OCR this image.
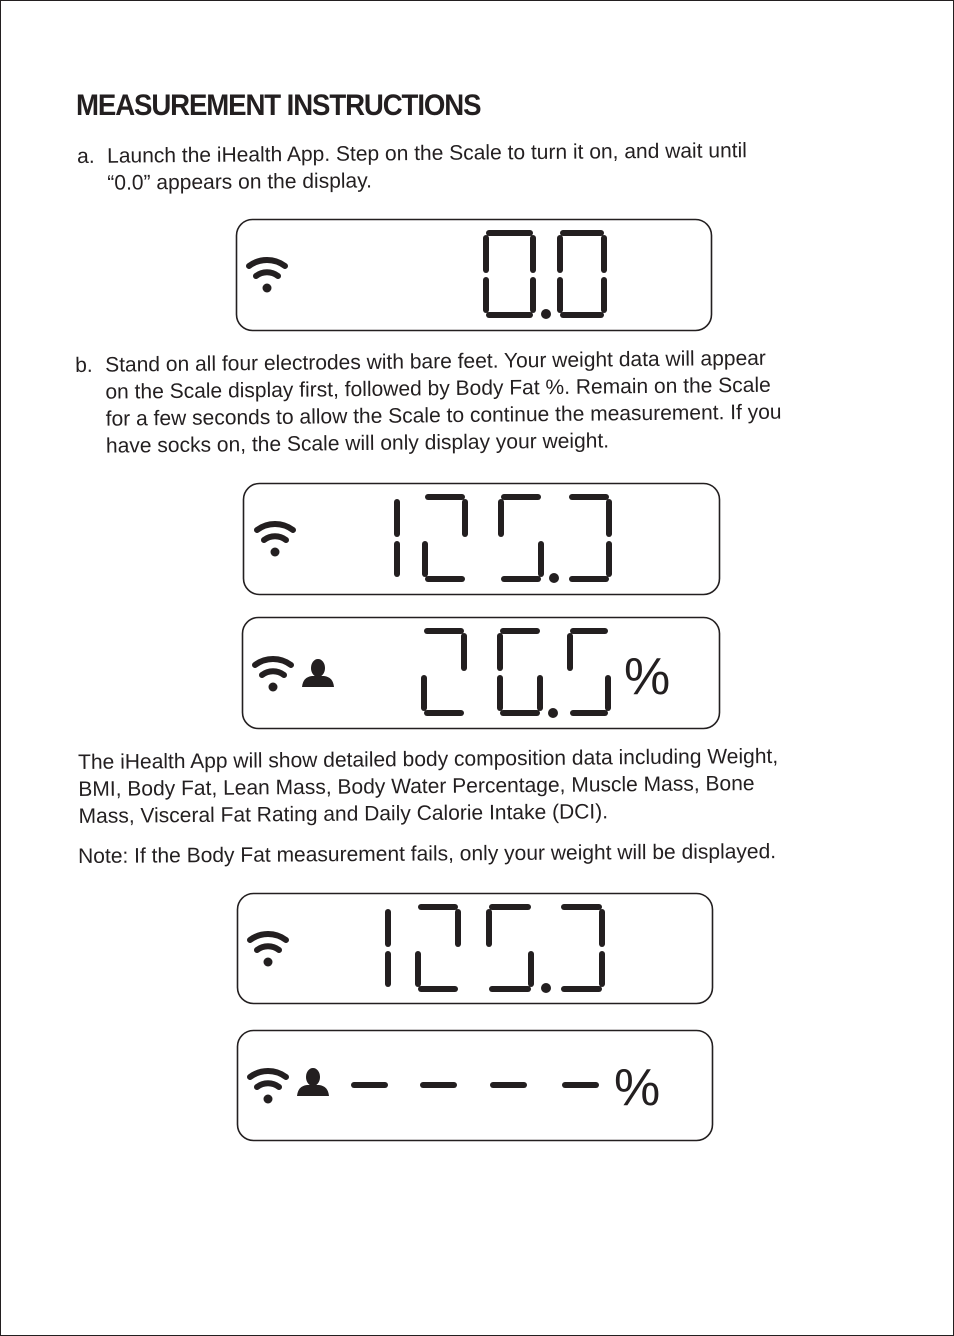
MEASUREMENT INSTRUCTIONS
a. Launch the iHealth App. Step on the Scale to turn it on, and wait until
“0.0” appears on the display.
b. Stand on all four electrodes with bare feet. Your weight data will appear
on the Scale display first, followed by Body Fat %. Remain on the Scale
for a few seconds to allow the Scale to continue the measurement. If you
have socks on, the Scale will only display your weight.
%
The iHealth App will show detailed body composition data including Weight,
BMI, Body Fat, Lean Mass, Body Water Percentage, Muscle Mass, Bone
Mass, Visceral Fat Rating and Daily Calorie Intake (DCI).

Note: If the Body Fat measurement fails, only your weight will be displayed.

%
